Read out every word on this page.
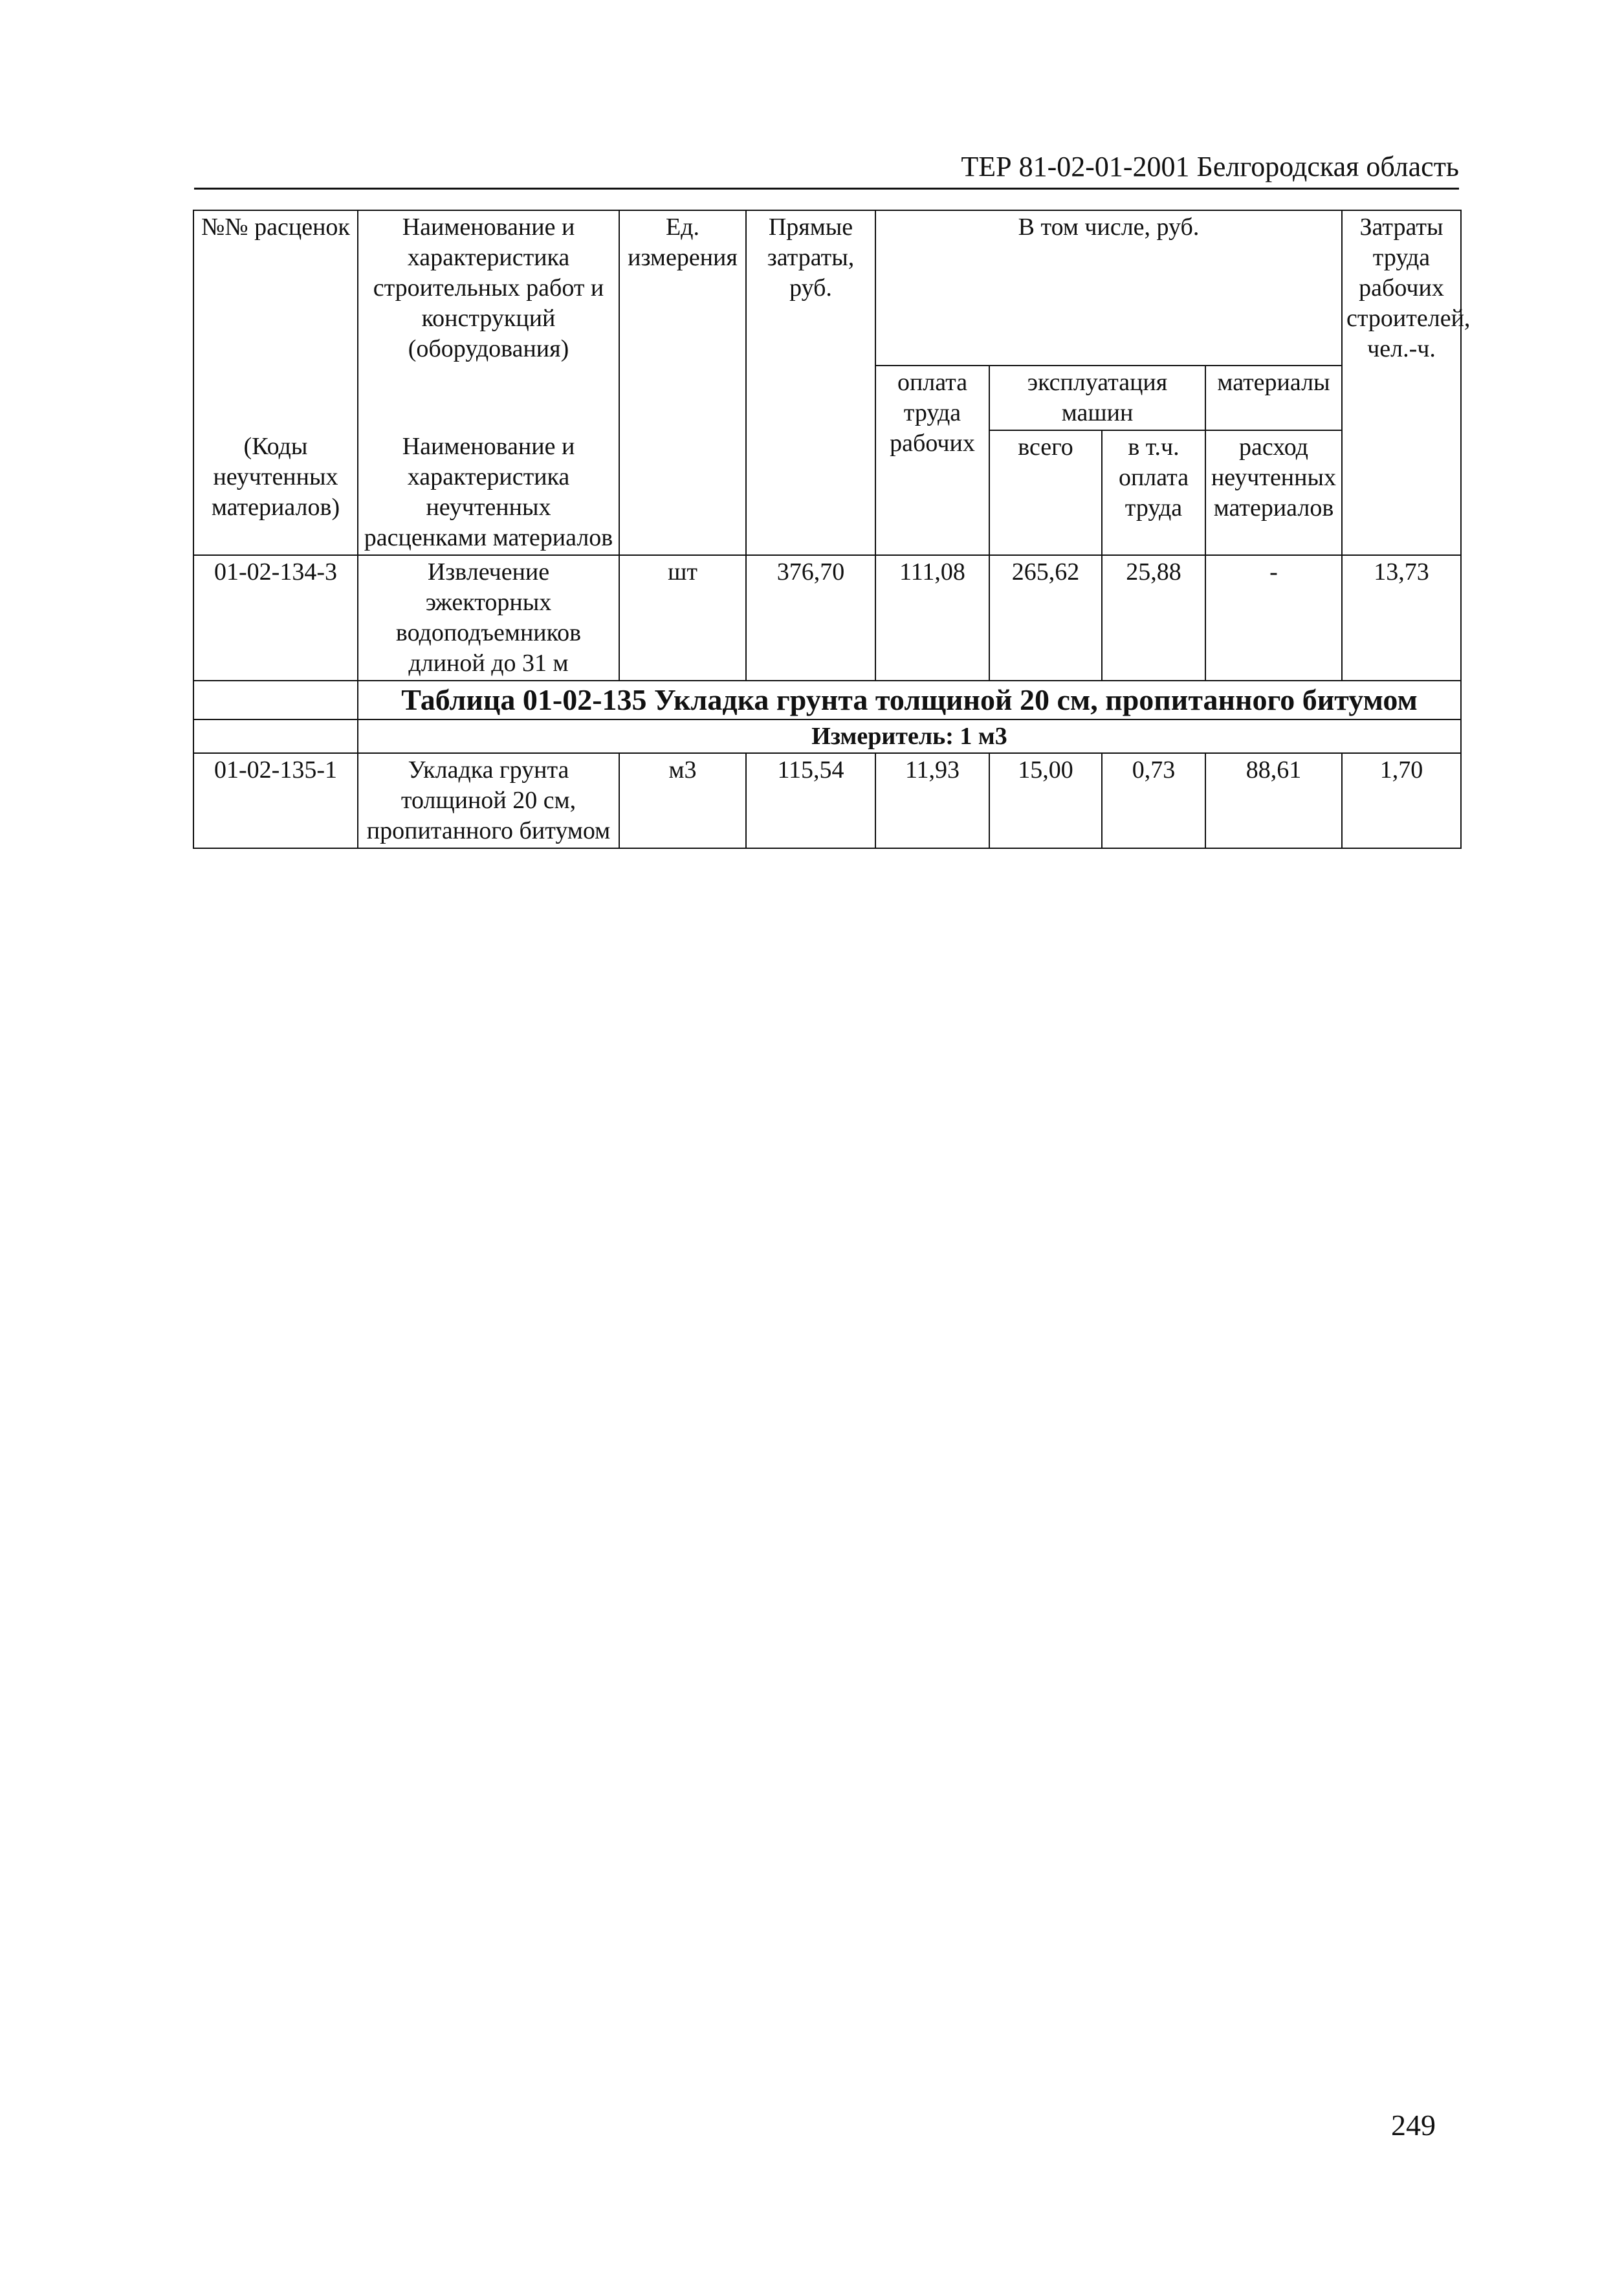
ТЕР 81-02-01-2001 Белгородская область
№№ расценок	Наименование и характеристика строительных работ и конструкций (оборудования)	Ед. измерения	Прямые затраты, руб.	В том числе, руб.				Затраты труда рабочих строителей, чел.-ч.
				оплата труда рабочих	эксплуатация машин		материалы	
(Коды неучтенных материалов)	Наименование и характеристика неучтенных расценками материалов				всего	в т.ч. оплата труда	расход неучтенных материалов	
01-02-134-3	Извлечение эжекторных водоподъемников длиной до 31 м	шт	376,70	111,08	265,62	25,88	-	13,73
	Таблица 01-02-135 Укладка грунта толщиной 20 см, пропитанного битумом							
	Измеритель: 1 м3							
01-02-135-1	Укладка грунта толщиной 20 см, пропитанного битумом	м3	115,54	11,93	15,00	0,73	88,61	1,70
249
